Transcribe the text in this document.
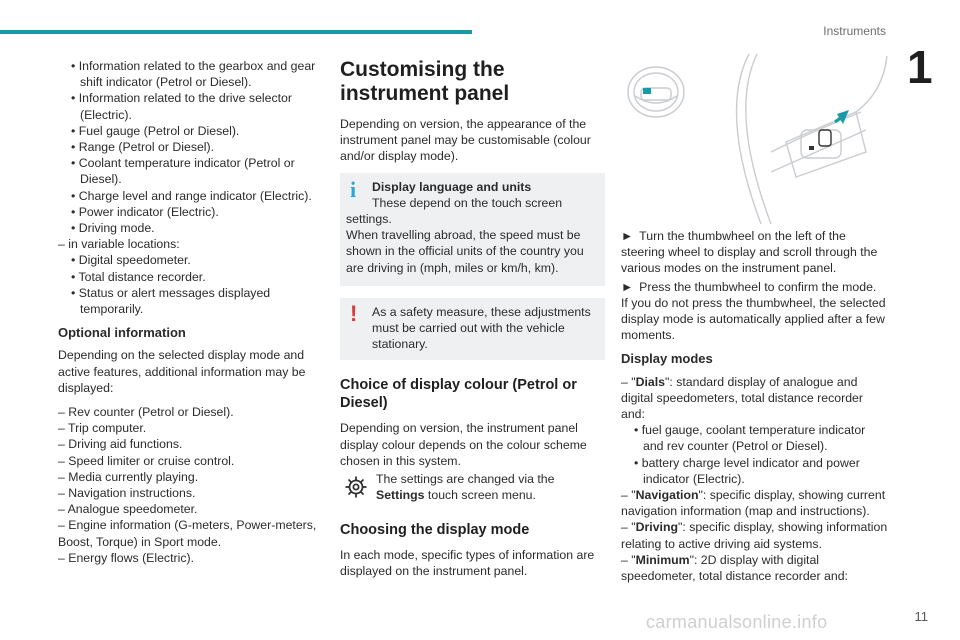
Instruments
1
• Information related to the gearbox and gear shift indicator (Petrol or Diesel).
• Information related to the drive selector (Electric).
• Fuel gauge (Petrol or Diesel).
• Range (Petrol or Diesel).
• Coolant temperature indicator (Petrol or Diesel).
• Charge level and range indicator (Electric).
• Power indicator (Electric).
• Driving mode.
– in variable locations:
• Digital speedometer.
• Total distance recorder.
• Status or alert messages displayed temporarily.
Optional information

Depending on the selected display mode and active features, additional information may be displayed:

– Rev counter (Petrol or Diesel).
– Trip computer.
– Driving aid functions.
– Speed limiter or cruise control.
– Media currently playing.
– Navigation instructions.
– Analogue speedometer.
– Engine information (G-meters, Power-meters, Boost, Torque) in Sport mode.
– Energy flows (Electric).
Customising the instrument panel

Depending on version, the appearance of the instrument panel may be customisable (colour and/or display mode).

i	Display language and units
These depend on the touch screen
settings.
When travelling abroad, the speed must be shown in the official units of the country you are driving in (mph, miles or km/h, km).
!	As a safety measure, these adjustments
must be carried out with the vehicle stationary.
Choice of display colour (Petrol or Diesel)

Depending on version, the instrument panel display colour depends on the colour scheme chosen in this system.

The settings are changed via the
Settings touch screen menu.
Choosing the display mode

In each mode, specific types of information are displayed on the instrument panel.

► Turn the thumbwheel on the left of the steering wheel to display and scroll through the various modes on the instrument panel.

► Press the thumbwheel to confirm the mode.

If you do not press the thumbwheel, the selected display mode is automatically applied after a few moments.

Display modes
– "Dials": standard display of analogue and digital speedometers, total distance recorder and:
• fuel gauge, coolant temperature indicator and rev counter (Petrol or Diesel).
• battery charge level indicator and power indicator (Electric).
– "Navigation": specific display, showing current navigation information (map and instructions).
– "Driving": specific display, showing information relating to active driving aid systems.
– "Minimum": 2D display with digital speedometer, total distance recorder and:
11
carmanualsonline.info
